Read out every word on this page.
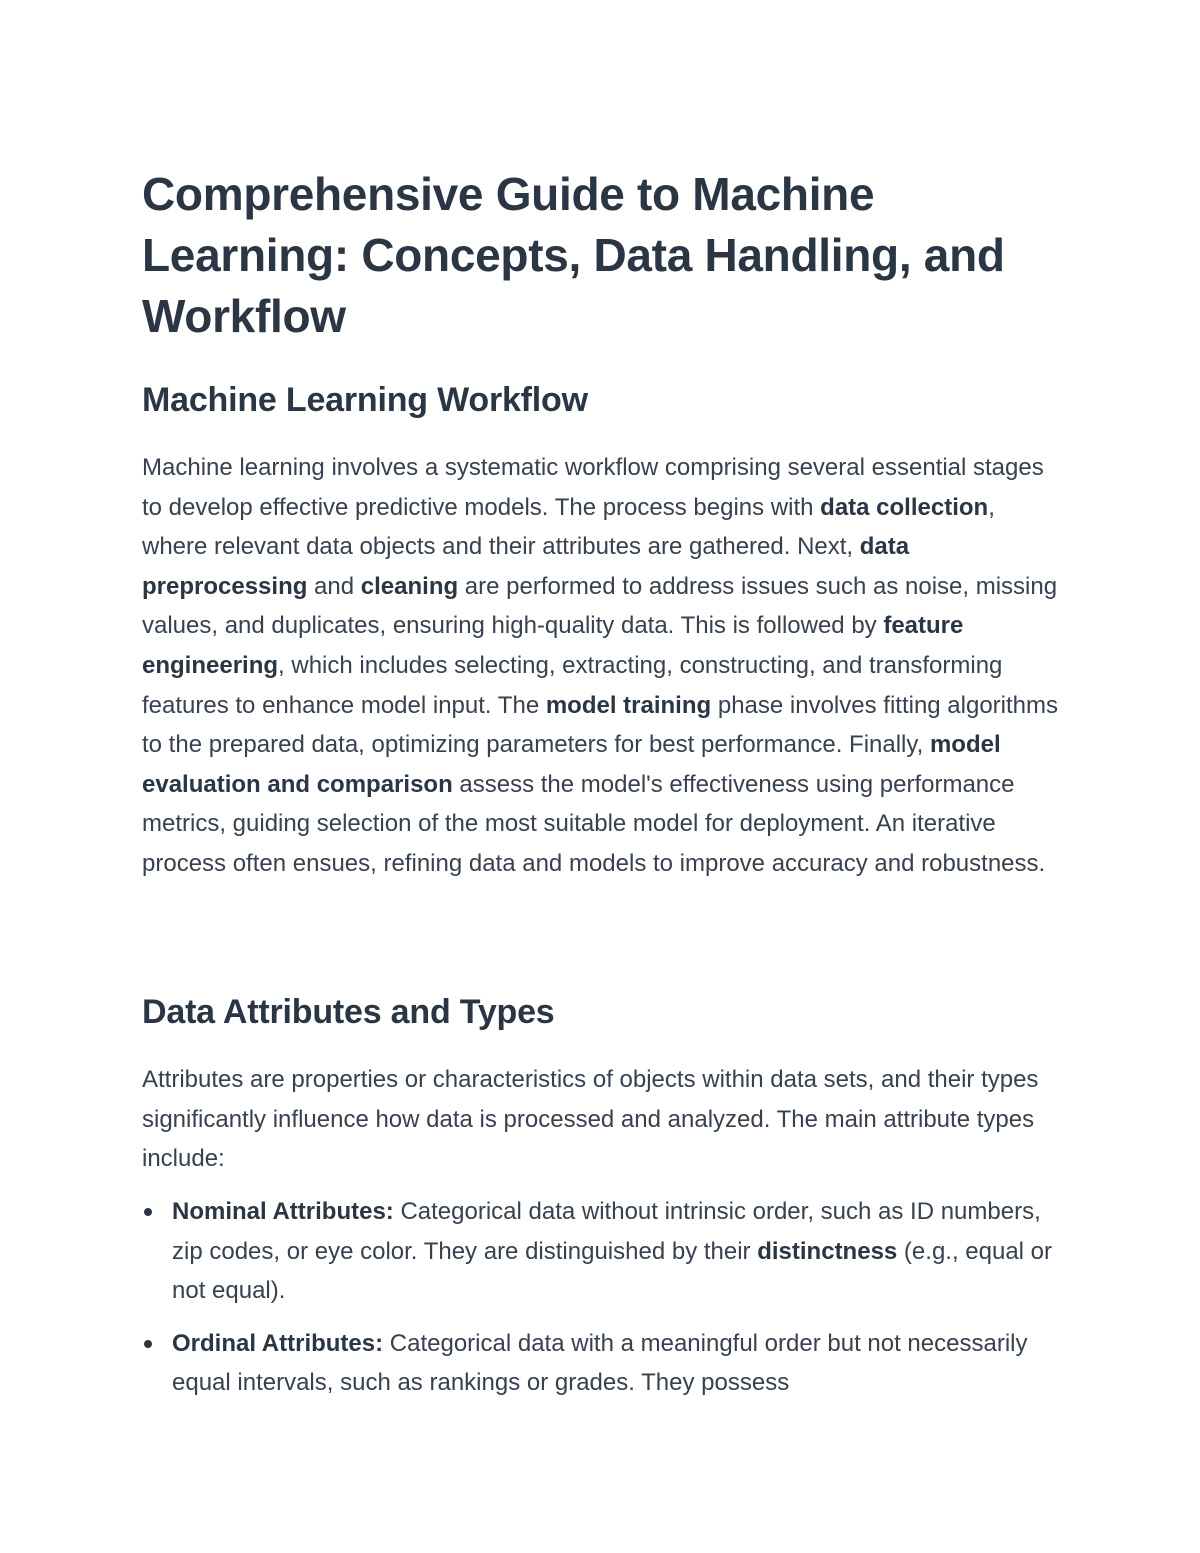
Comprehensive Guide to Machine Learning: Concepts, Data Handling, and Workflow
Machine Learning Workflow

Machine learning involves a systematic workflow comprising several essential stages to develop effective predictive models. The process begins with data collection, where relevant data objects and their attributes are gathered. Next, data preprocessing and cleaning are performed to address issues such as noise, missing values, and duplicates, ensuring high-quality data. This is followed by feature engineering, which includes selecting, extracting, constructing, and transforming features to enhance model input. The model training phase involves fitting algorithms to the prepared data, optimizing parameters for best performance. Finally, model evaluation and comparison assess the model's effectiveness using performance metrics, guiding selection of the most suitable model for deployment. An iterative process often ensues, refining data and models to improve accuracy and robustness.

Data Attributes and Types

Attributes are properties or characteristics of objects within data sets, and their types significantly influence how data is processed and analyzed. The main attribute types include:

Nominal Attributes: Categorical data without intrinsic order, such as ID numbers, zip codes, or eye color. They are distinguished by their distinctness (e.g., equal or not equal).
Ordinal Attributes: Categorical data with a meaningful order but not necessarily equal intervals, such as rankings or grades. They possess
